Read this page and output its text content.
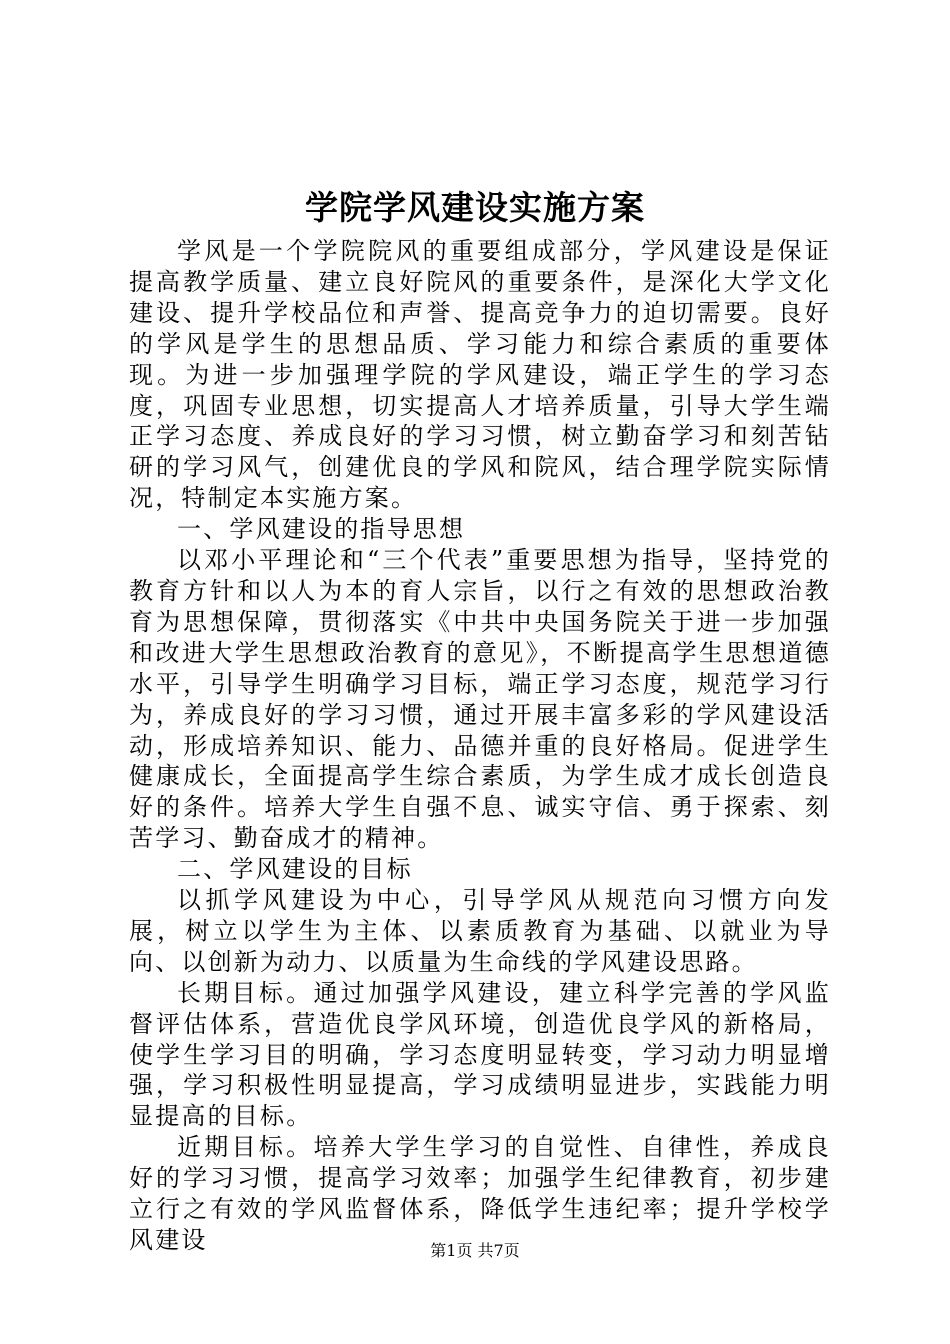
学院学风建设实施方案

学风是一个学院院风的重要组成部分，学风建设是保证提高教学质量、建立良好院风的重要条件，是深化大学文化建设、提升学校品位和声誉、提高竞争力的迫切需要。良好的学风是学生的思想品质、学习能力和综合素质的重要体现。为进一步加强理学院的学风建设，端正学生的学习态度，巩固专业思想，切实提高人才培养质量，引导大学生端正学习态度、养成良好的学习习惯，树立勤奋学习和刻苦钻研的学习风气，创建优良的学风和院风，结合理学院实际情况，特制定本实施方案。

一、学风建设的指导思想

以邓小平理论和“三个代表”重要思想为指导，坚持党的教育方针和以人为本的育人宗旨，以行之有效的思想政治教育为思想保障，贯彻落实《中共中央国务院关于进一步加强和改进大学生思想政治教育的意见》，不断提高学生思想道德水平，引导学生明确学习目标，端正学习态度，规范学习行为，养成良好的学习习惯，通过开展丰富多彩的学风建设活动，形成培养知识、能力、品德并重的良好格局。促进学生健康成长，全面提高学生综合素质，为学生成才成长创造良好的条件。培养大学生自强不息、诚实守信、勇于探索、刻苦学习、勤奋成才的精神。

二、学风建设的目标

以抓学风建设为中心，引导学风从规范向习惯方向发展，树立以学生为主体、以素质教育为基础、以就业为导向、以创新为动力、以质量为生命线的学风建设思路。

长期目标。通过加强学风建设，建立科学完善的学风监督评估体系，营造优良学风环境，创造优良学风的新格局，使学生学习目的明确，学习态度明显转变，学习动力明显增强，学习积极性明显提高，学习成绩明显进步，实践能力明显提高的目标。

近期目标。培养大学生学习的自觉性、自律性，养成良好的学习习惯，提高学习效率；加强学生纪律教育，初步建立行之有效的学风监督体系，降低学生违纪率；提升学校学风建设	第1页 共7页
